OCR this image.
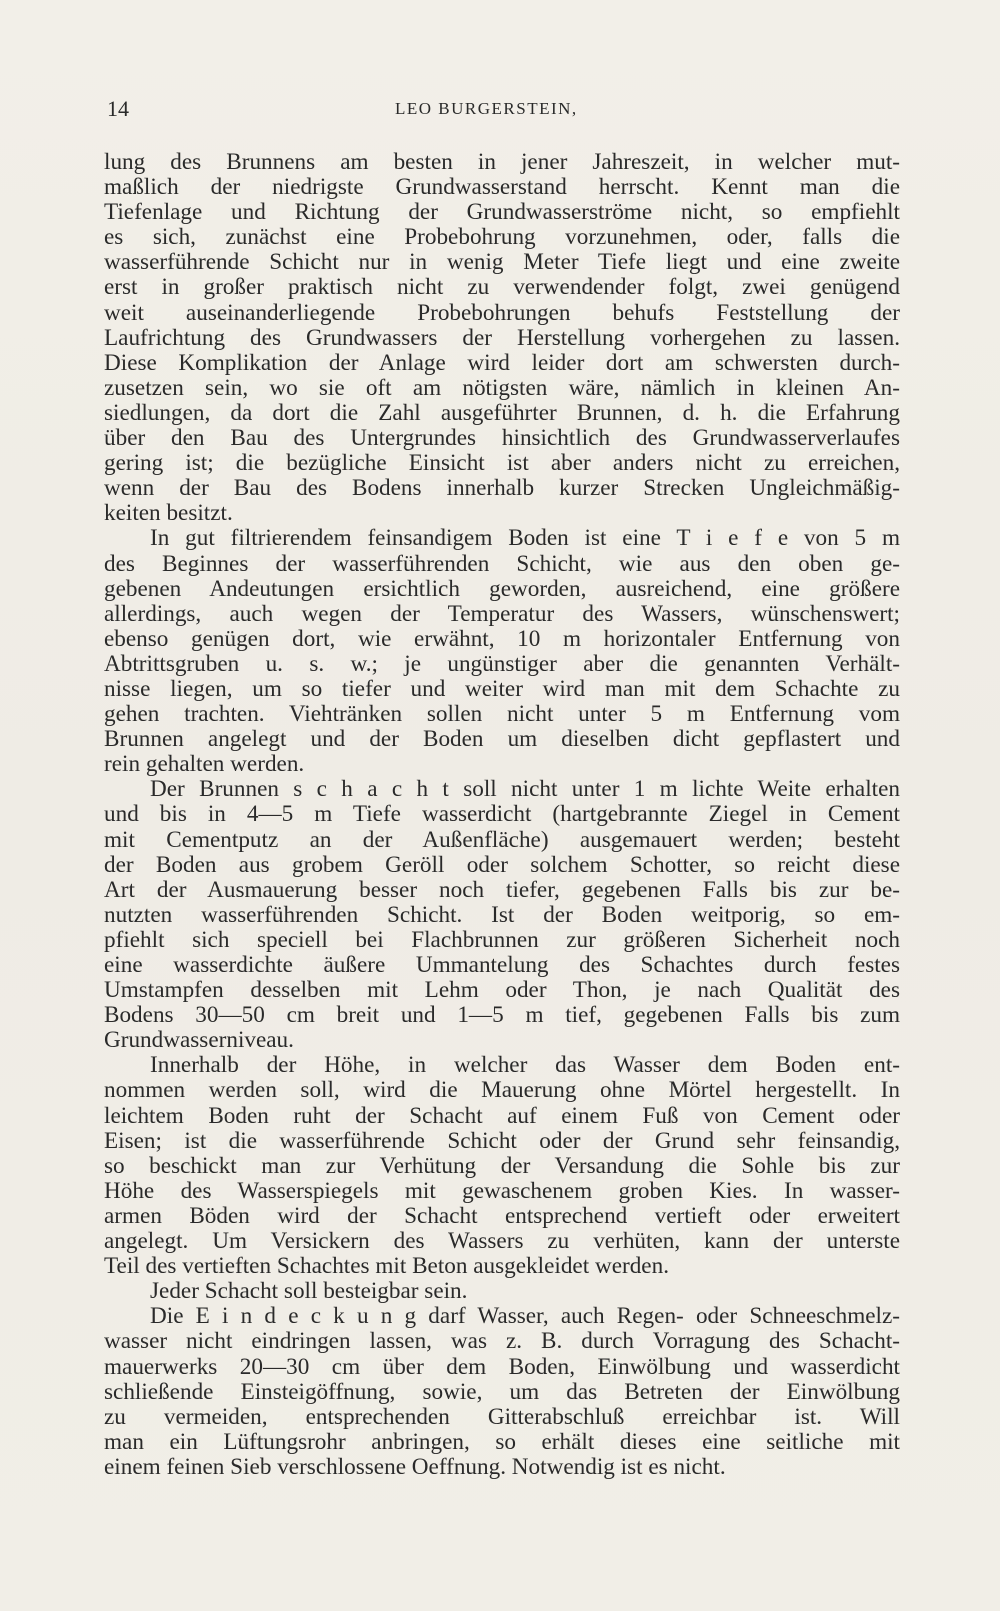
14	LEO BURGERSTEIN,
lung des Brunnens am besten in jener Jahreszeit, in welcher mut-
maßlich der niedrigste Grundwasserstand herrscht. Kennt man die
Tiefenlage und Richtung der Grundwasserströme nicht, so empfiehlt
es sich, zunächst eine Probebohrung vorzunehmen, oder, falls die
wasserführende Schicht nur in wenig Meter Tiefe liegt und eine zweite
erst in großer praktisch nicht zu verwendender folgt, zwei genügend
weit auseinanderliegende Probebohrungen behufs Feststellung der
Laufrichtung des Grundwassers der Herstellung vorhergehen zu lassen.
Diese Komplikation der Anlage wird leider dort am schwersten durch-
zusetzen sein, wo sie oft am nötigsten wäre, nämlich in kleinen An-
siedlungen, da dort die Zahl ausgeführter Brunnen, d. h. die Erfahrung
über den Bau des Untergrundes hinsichtlich des Grundwasserverlaufes
gering ist; die bezügliche Einsicht ist aber anders nicht zu erreichen,
wenn der Bau des Bodens innerhalb kurzer Strecken Ungleichmäßig-
keiten besitzt.
In gut filtrierendem feinsandigem Boden ist eine T i e f e von 5 m
des Beginnes der wasserführenden Schicht, wie aus den oben ge-
gebenen Andeutungen ersichtlich geworden, ausreichend, eine größere
allerdings, auch wegen der Temperatur des Wassers, wünschenswert;
ebenso genügen dort, wie erwähnt, 10 m horizontaler Entfernung von
Abtrittsgruben u. s. w.; je ungünstiger aber die genannten Verhält-
nisse liegen, um so tiefer und weiter wird man mit dem Schachte zu
gehen trachten. Viehtränken sollen nicht unter 5 m Entfernung vom
Brunnen angelegt und der Boden um dieselben dicht gepflastert und
rein gehalten werden.
Der Brunnen s c h a c h t soll nicht unter 1 m lichte Weite erhalten
und bis in 4—5 m Tiefe wasserdicht (hartgebrannte Ziegel in Cement
mit Cementputz an der Außenfläche) ausgemauert werden; besteht
der Boden aus grobem Geröll oder solchem Schotter, so reicht diese
Art der Ausmauerung besser noch tiefer, gegebenen Falls bis zur be-
nutzten wasserführenden Schicht. Ist der Boden weitporig, so em-
pfiehlt sich speciell bei Flachbrunnen zur größeren Sicherheit noch
eine wasserdichte äußere Ummantelung des Schachtes durch festes
Umstampfen desselben mit Lehm oder Thon, je nach Qualität des
Bodens 30—50 cm breit und 1—5 m tief, gegebenen Falls bis zum
Grundwasserniveau.
Innerhalb der Höhe, in welcher das Wasser dem Boden ent-
nommen werden soll, wird die Mauerung ohne Mörtel hergestellt. In
leichtem Boden ruht der Schacht auf einem Fuß von Cement oder
Eisen; ist die wasserführende Schicht oder der Grund sehr feinsandig,
so beschickt man zur Verhütung der Versandung die Sohle bis zur
Höhe des Wasserspiegels mit gewaschenem groben Kies. In wasser-
armen Böden wird der Schacht entsprechend vertieft oder erweitert
angelegt. Um Versickern des Wassers zu verhüten, kann der unterste
Teil des vertieften Schachtes mit Beton ausgekleidet werden.
Jeder Schacht soll besteigbar sein.
Die E i n d e c k u n g darf Wasser, auch Regen- oder Schneeschmelz-
wasser nicht eindringen lassen, was z. B. durch Vorragung des Schacht-
mauerwerks 20—30 cm über dem Boden, Einwölbung und wasserdicht
schließende Einsteigöffnung, sowie, um das Betreten der Einwölbung
zu vermeiden, entsprechenden Gitterabschluß erreichbar ist. Will
man ein Lüftungsrohr anbringen, so erhält dieses eine seitliche mit
einem feinen Sieb verschlossene Oeffnung. Notwendig ist es nicht.
